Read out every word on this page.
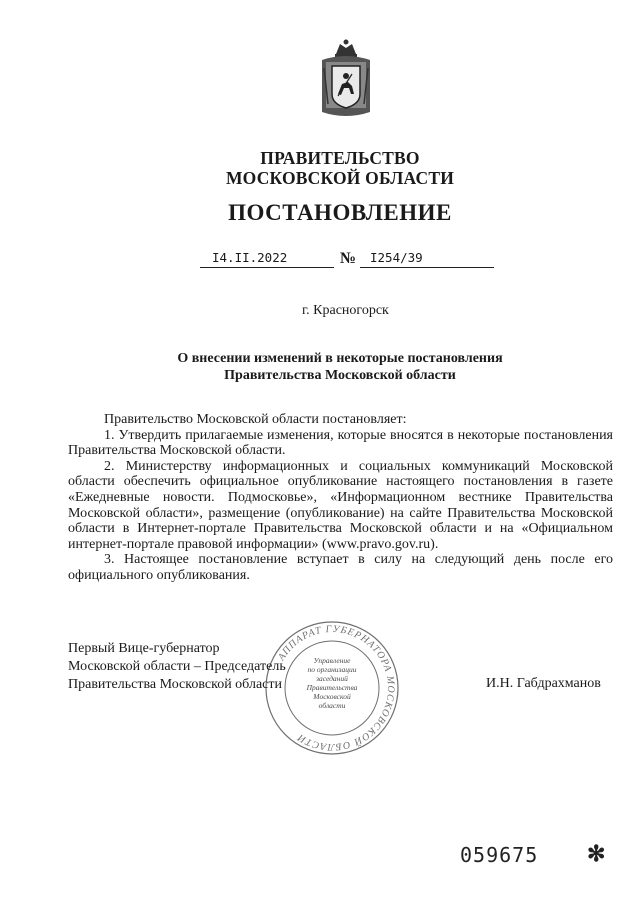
ПРАВИТЕЛЬСТВО
МОСКОВСКОЙ ОБЛАСТИ
ПОСТАНОВЛЕНИЕ
I4.II.2022	№	I254/39
г. Красногорск
О внесении изменений в некоторые постановления
Правительства Московской области

Правительство Московской области постановляет:

1. Утвердить прилагаемые изменения, которые вносятся в некоторые постановления Правительства Московской области.

2. Министерству информационных и социальных коммуникаций Московской области обеспечить официальное опубликование настоящего постановления в газете «Ежедневные новости. Подмосковье», «Информационном вестнике Правительства Московской области», размещение (опубликование) на сайте Правительства Московской области в Интернет-портале Правительства Московской области и на «Официальном интернет-портале правовой информации» (www.pravo.gov.ru).

3. Настоящее постановление вступает в силу на следующий день после его официального опубликования.

АППАРАТ ГУБЕРНАТОРА МОСКОВСКОЙ ОБЛАСТИ
Управление
по организации
заседаний
Правительства
Московской
области
Первый Вице-губернатор
Московской области – Председатель
Правительства Московской области	И.Н. Габдрахманов
059675 ✻
